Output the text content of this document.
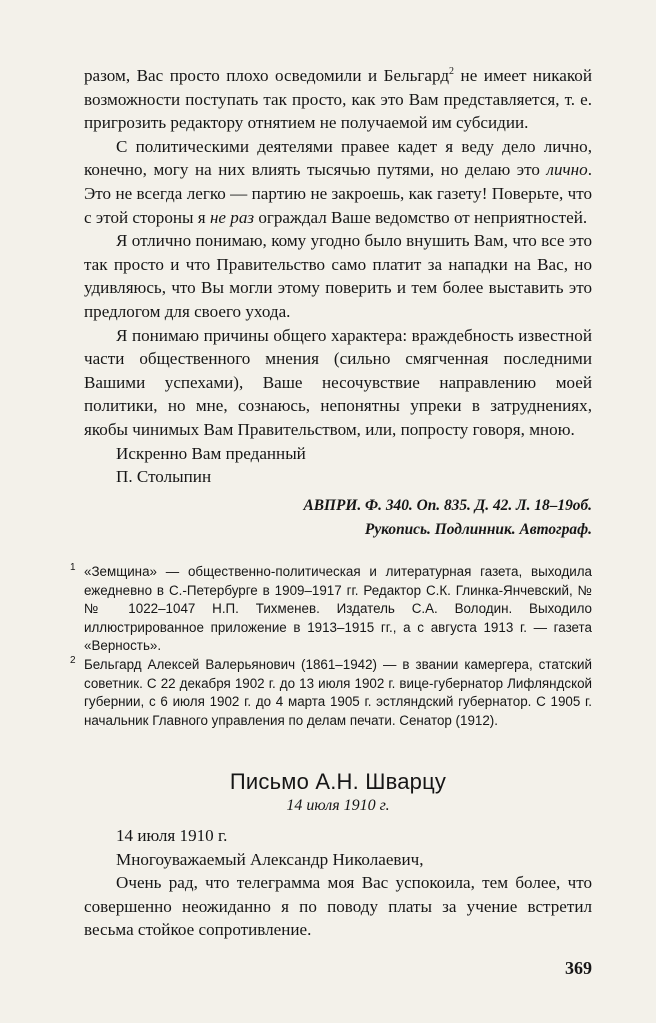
разом, Вас просто плохо осведомили и Бельгард$^2$ не имеет никакой возможности поступать так просто, как это Вам представляется, т. е. пригрозить редактору отнятием не получаемой им субсидии.

С политическими деятелями правее кадет я веду дело лично, конечно, могу на них влиять тысячью путями, но делаю это лично. Это не всегда легко — партию не закроешь, как газету! Поверьте, что с этой стороны я не раз ограждал Ваше ведомство от неприятностей.

Я отлично понимаю, кому угодно было внушить Вам, что все это так просто и что Правительство само платит за нападки на Вас, но удивляюсь, что Вы могли этому поверить и тем более выставить это предлогом для своего ухода.

Я понимаю причины общего характера: враждебность известной части общественного мнения (сильно смягченная последними Вашими успехами), Ваше несочувствие направлению моей политики, но мне, сознаюсь, непонятны упреки в затруднениях, якобы чинимых Вам Правительством, или, попросту говоря, мною.

Искренно Вам преданный

П. Столыпин

АВПРИ. Ф. 340. Оп. 835. Д. 42. Л. 18–19об.
Рукопись. Подлинник. Автограф.

1 «Земщина» — общественно-политическая и литературная газета, выходила ежедневно в С.-Петербурге в 1909–1917 гг. Редактор С.К. Глинка-Янчевский, №№ 1022–1047 Н.П. Тихменев. Издатель С.А. Володин. Выходило иллюстрированное приложение в 1913–1915 гг., а с августа 1913 г. — газета «Верность».

2 Бельгард Алексей Валерьянович (1861–1942) — в звании камергера, статский советник. С 22 декабря 1902 г. до 13 июля 1902 г. вице-губернатор Лифляндской губернии, с 6 июля 1902 г. до 4 марта 1905 г. эстляндский губернатор. С 1905 г. начальник Главного управления по делам печати. Сенатор (1912).

Письмо А.Н. Шварцу
14 июля 1910 г.

14 июля 1910 г.

Многоуважаемый Александр Николаевич,

Очень рад, что телеграмма моя Вас успокоила, тем более, что совершенно неожиданно я по поводу платы за учение встретил весьма стойкое сопротивление.

369
